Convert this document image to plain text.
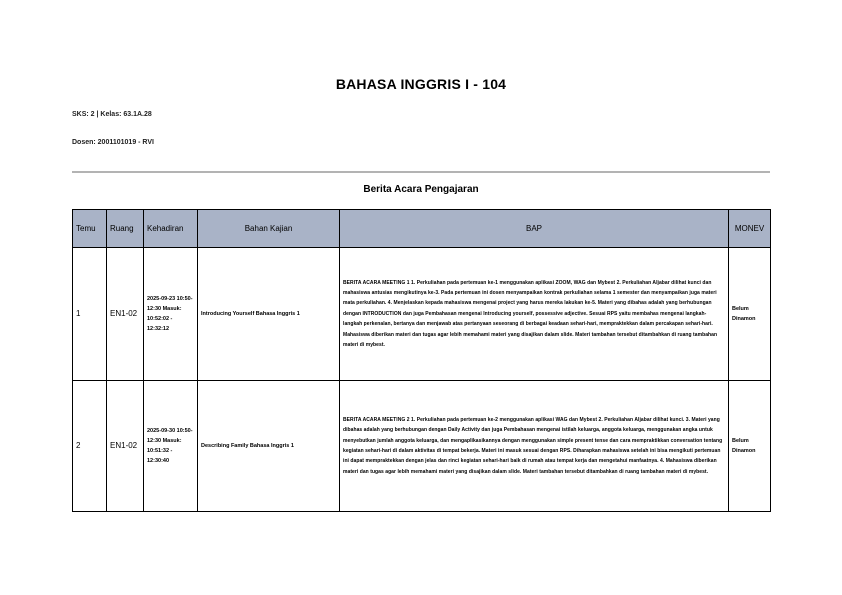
BAHASA INGGRIS I - 104
SKS: 2 | Kelas: 63.1A.28
Dosen: 2001101019 - RVI
Berita Acara Pengajaran
Temu	Ruang	Kehadiran	Bahan Kajian	BAP	MONEV
1	EN1-02	2025-09-23 10:50-12:30 Masuk: 10:52:02 - 12:32:12	Introducing Yourself Bahasa Inggris 1	BERITA ACARA MEETING 1 1. Perkuliahan pada pertemuan ke-1 menggunakan aplikasi ZOOM, WAG dan Mybest 2. Perkuliahan Aljabar dilihat kunci dan mahasiswa antusias mengikutinya ke-3. Pada pertemuan ini dosen menyampaikan kontrak perkuliahan selama 1 semester dan menyampaikan juga materi mata perkuliahan. 4. Menjelaskan kepada mahasiswa mengenai project yang harus mereka lakukan ke-5. Materi yang dibahas adalah yang berhubungan dengan INTRODUCTION dan juga Pembahasan mengenai Introducing yourself, possessive adjective. Sesuai RPS yaitu membahas mengenai langkah-langkah perkenalan, bertanya dan menjawab atas pertanyaan seseorang di berbagai keadaan sehari-hari, mempraktekkan dalam percakapan sehari-hari. Mahasiswa diberikan materi dan tugas agar lebih memahami materi yang disajikan dalam slide. Materi tambahan tersebut ditambahkan di ruang tambahan materi di mybest.	Belum Dinamon
2	EN1-02	2025-09-30 10:50-12:30 Masuk: 10:51:32 - 12:30:40	Describing Family Bahasa Inggris 1	BERITA ACARA MEETING 2 1. Perkuliahan pada pertemuan ke-2 menggunakan aplikasi WAG dan Mybest 2. Perkuliahan Aljabar dilihat kunci. 3. Materi yang dibahas adalah yang berhubungan dengan Daily Activity dan juga Pembahasan mengenai istilah keluarga, anggota keluarga, menggunakan angka untuk menyebutkan jumlah anggota keluarga, dan mengaplikasikannya dengan menggunakan simple present tense dan cara mempraktikkan conversation tentang kegiatan sehari-hari di dalam aktivitas di tempat bekerja. Materi ini masuk sesuai dengan RPS. Diharapkan mahasiswa setelah ini bisa mengikuti pertemuan ini dapat mempraktekkan dengan jelas dan rinci kegiatan sehari-hari baik di rumah atau tempat kerja dan mengetahui manfaatnya. 4. Mahasiswa diberikan materi dan tugas agar lebih memahami materi yang disajikan dalam slide. Materi tambahan tersebut ditambahkan di ruang tambahan materi di mybest.	Belum Dinamon
